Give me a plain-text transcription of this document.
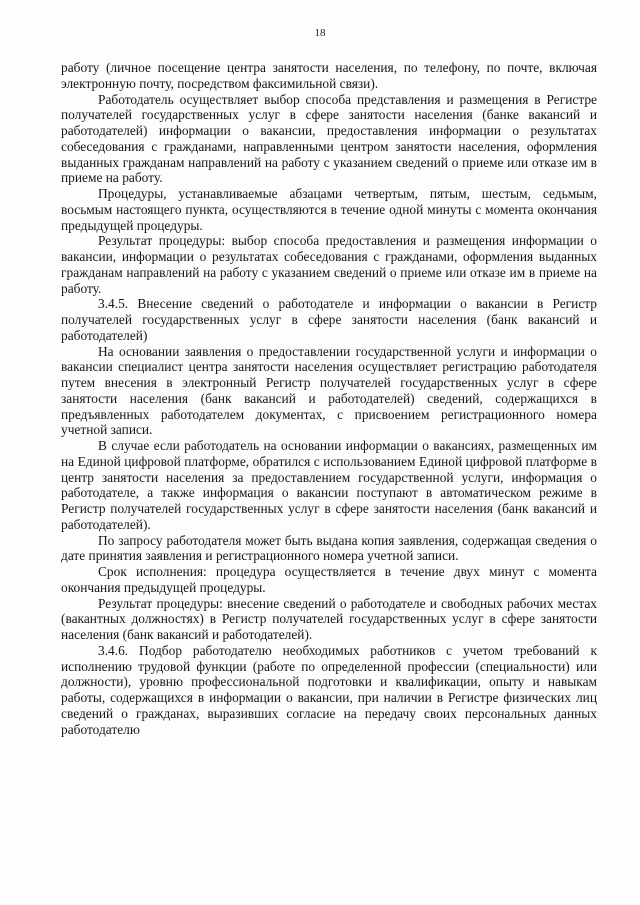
18

работу (личное посещение центра занятости населения, по телефону, по почте, включая электронную почту, посредством факсимильной связи).

Работодатель осуществляет выбор способа представления и размещения в Регистре получателей государственных услуг в сфере занятости населения (банке вакансий и работодателей) информации о вакансии, предоставления информации о результатах собеседования с гражданами, направленными центром занятости населения, оформления выданных гражданам направлений на работу с указанием сведений о приеме или отказе им в приеме на работу.

Процедуры, устанавливаемые абзацами четвертым, пятым, шестым, седьмым, восьмым настоящего пункта, осуществляются в течение одной минуты с момента окончания предыдущей процедуры.

Результат процедуры: выбор способа предоставления и размещения информации о вакансии, информации о результатах собеседования с гражданами, оформления выданных гражданам направлений на работу с указанием сведений о приеме или отказе им в приеме на работу.

3.4.5. Внесение сведений о работодателе и информации о вакансии в Регистр получателей государственных услуг в сфере занятости населения (банк вакансий и работодателей)

На основании заявления о предоставлении государственной услуги и информации о вакансии специалист центра занятости населения осуществляет регистрацию работодателя путем внесения в электронный Регистр получателей государственных услуг в сфере занятости населения (банк вакансий и работодателей) сведений, содержащихся в предъявленных работодателем документах, с присвоением регистрационного номера учетной записи.

В случае если работодатель на основании информации о вакансиях, размещенных им на Единой цифровой платформе, обратился с использованием Единой цифровой платформе в центр занятости населения за предоставлением государственной услуги, информация о работодателе, а также информация о вакансии поступают в автоматическом режиме в Регистр получателей государственных услуг в сфере занятости населения (банк вакансий и работодателей).

По запросу работодателя может быть выдана копия заявления, содержащая сведения о дате принятия заявления и регистрационного номера учетной записи.

Срок исполнения: процедура осуществляется в течение двух минут с момента окончания предыдущей процедуры.

Результат процедуры: внесение сведений о работодателе и свободных рабочих местах (вакантных должностях) в Регистр получателей государственных услуг в сфере занятости населения (банк вакансий и работодателей).

3.4.6. Подбор работодателю необходимых работников с учетом требований к исполнению трудовой функции (работе по определенной профессии (специальности) или должности), уровню профессиональной подготовки и квалификации, опыту и навыкам работы, содержащихся в информации о вакансии, при наличии в Регистре физических лиц сведений о гражданах, выразивших согласие на передачу своих персональных данных работодателю
